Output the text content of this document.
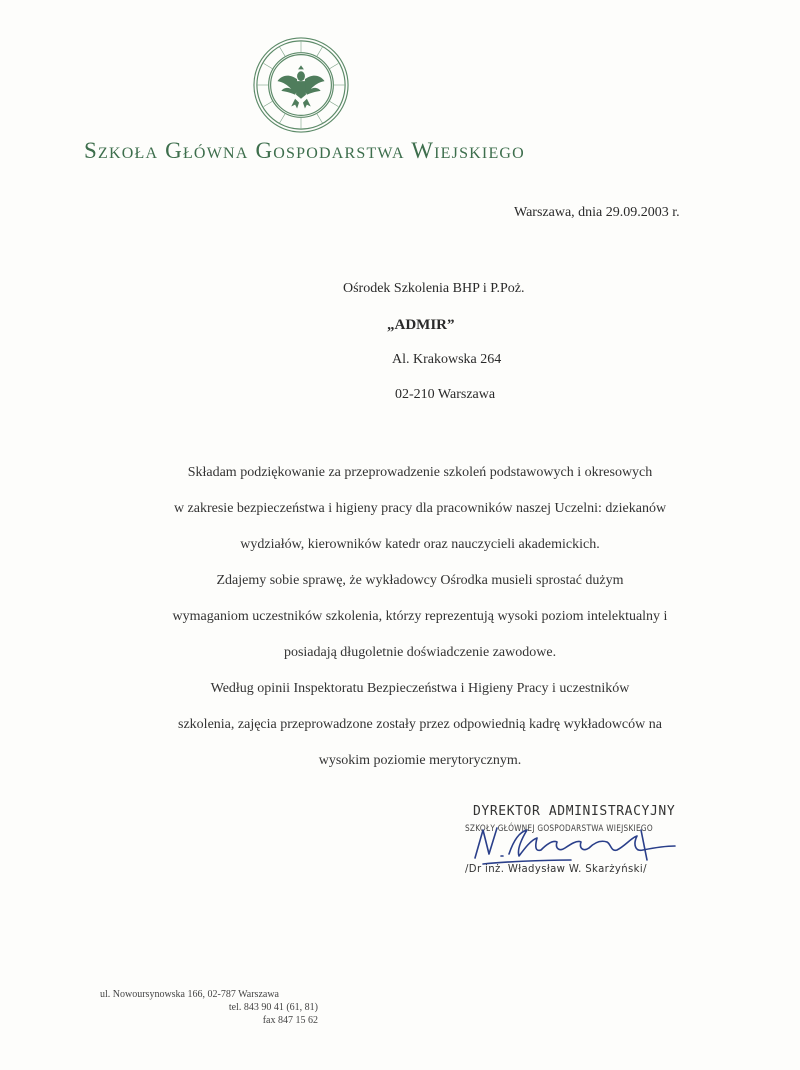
Szkoła Główna Gospodarstwa Wiejskiego
Warszawa, dnia 29.09.2003 r.
Ośrodek Szkolenia BHP i P.Poż.
„ADMIR”
Al. Krakowska 264
02-210 Warszawa

Składam podziękowanie za przeprowadzenie szkoleń podstawowych i okresowych
w zakresie bezpieczeństwa i higieny pracy dla pracowników naszej Uczelni: dziekanów
wydziałów, kierowników katedr oraz nauczycieli akademickich.

Zdajemy sobie sprawę, że wykładowcy Ośrodka musieli sprostać dużym
wymaganiom uczestników szkolenia, którzy reprezentują wysoki poziom intelektualny i
posiadają długoletnie doświadczenie zawodowe.

Według opinii Inspektoratu Bezpieczeństwa i Higieny Pracy i uczestników
szkolenia, zajęcia przeprowadzone zostały przez odpowiednią kadrę wykładowców na
wysokim poziomie merytorycznym.

DYREKTOR ADMINISTRACYJNY
SZKOŁY GŁÓWNEJ GOSPODARSTWA WIEJSKIEGO
/Dr inż. Władysław W. Skarżyński/
ul. Nowoursynowska 166, 02-787 Warszawa
tel. 843 90 41 (61, 81)
fax 847 15 62
